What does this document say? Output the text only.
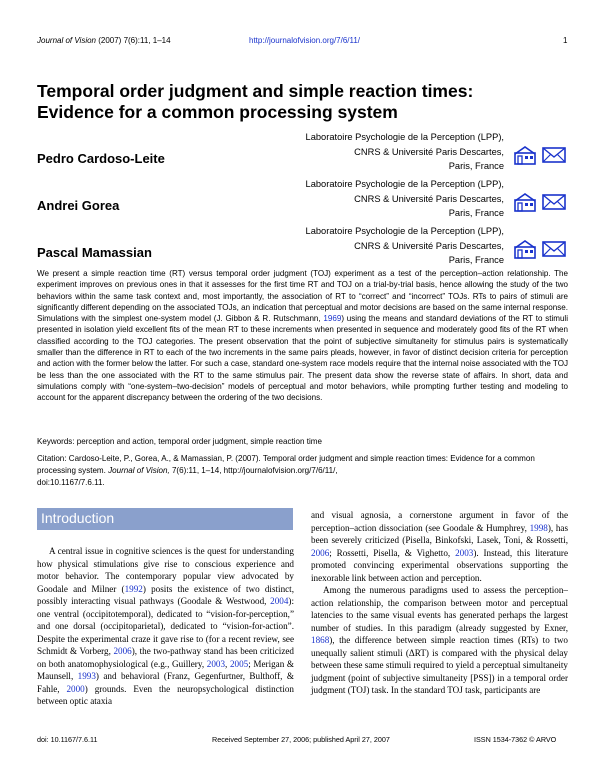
Journal of Vision (2007) 7(6):11, 1–14	http://journalofvision.org/7/6/11/	1
Temporal order judgment and simple reaction times:
Evidence for a common processing system
Pedro Cardoso-Leite
Laboratoire Psychologie de la Perception (LPP),
CNRS & Université Paris Descartes,
Paris, France
Andrei Gorea
Laboratoire Psychologie de la Perception (LPP),
CNRS & Université Paris Descartes,
Paris, France
Pascal Mamassian
Laboratoire Psychologie de la Perception (LPP),
CNRS & Université Paris Descartes,
Paris, France
We present a simple reaction time (RT) versus temporal order judgment (TOJ) experiment as a test of the perception–action relationship. The experiment improves on previous ones in that it assesses for the first time RT and TOJ on a trial-by-trial basis, hence allowing the study of the two behaviors within the same task context and, most importantly, the association of RT to “correct” and “incorrect” TOJs. RTs to pairs of stimuli are significantly different depending on the associated TOJs, an indication that perceptual and motor decisions are based on the same internal response. Simulations with the simplest one-system model (J. Gibbon & R. Rutschmann, 1969) using the means and standard deviations of the RT to stimuli presented in isolation yield excellent fits of the mean RT to these increments when presented in sequence and moderately good fits of the RT when classified according to the TOJ categories. The present observation that the point of subjective simultaneity for stimulus pairs is systematically smaller than the difference in RT to each of the two increments in the same pairs pleads, however, in favor of distinct decision criteria for perception and action with the former below the latter. For such a case, standard one-system race models require that the internal noise associated with the TOJ be less than the one associated with the RT to the same stimulus pair. The present data show the reverse state of affairs. In short, data and simulations comply with “one-system–two-decision” models of perceptual and motor behaviors, while prompting further testing and modeling to account for the apparent discrepancy between the ordering of the two decisions.
Keywords: perception and action, temporal order judgment, simple reaction time
Citation: Cardoso-Leite, P., Gorea, A., & Mamassian, P. (2007). Temporal order judgment and simple reaction times: Evidence for a common processing system. Journal of Vision, 7(6):11, 1–14, http://journalofvision.org/7/6/11/,
doi:10.1167/7.6.11.
Introduction

A central issue in cognitive sciences is the quest for understanding how physical stimulations give rise to conscious experience and motor behavior. The contemporary popular view advocated by Goodale and Milner (1992) posits the existence of two distinct, possibly interacting visual pathways (Goodale & Westwood, 2004): one ventral (occipitotemporal), dedicated to “vision-for-perception,” and one dorsal (occipitoparietal), dedicated to “vision-for-action”. Despite the experimental craze it gave rise to (for a recent review, see Schmidt & Vorberg, 2006), the two-pathway stand has been criticized on both anatomophysiological (e.g., Guillery, 2003, 2005; Merigan & Maunsell, 1993) and behavioral (Franz, Gegenfurtner, Bulthoff, & Fahle, 2000) grounds. Even the neuropsychological distinction between optic ataxia

and visual agnosia, a cornerstone argument in favor of the perception–action dissociation (see Goodale & Humphrey, 1998), has been severely criticized (Pisella, Binkofski, Lasek, Toni, & Rossetti, 2006; Rossetti, Pisella, & Vighetto, 2003). Instead, this literature promoted convincing experimental observations supporting the inexorable link between action and perception.

Among the numerous paradigms used to assess the perception–action relationship, the comparison between motor and perceptual latencies to the same visual events has generated perhaps the largest number of studies. In this paradigm (already suggested by Exner, 1868), the difference between simple reaction times (RTs) to two unequally salient stimuli (ΔRT) is compared with the physical delay between these same stimuli required to yield a perceptual simultaneity judgment (point of subjective simultaneity [PSS]) in a temporal order judgment (TOJ) task. In the standard TOJ task, participants are

doi: 10.1167/7.6.11	Received September 27, 2006; published April 27, 2007	ISSN 1534-7362 © ARVO
